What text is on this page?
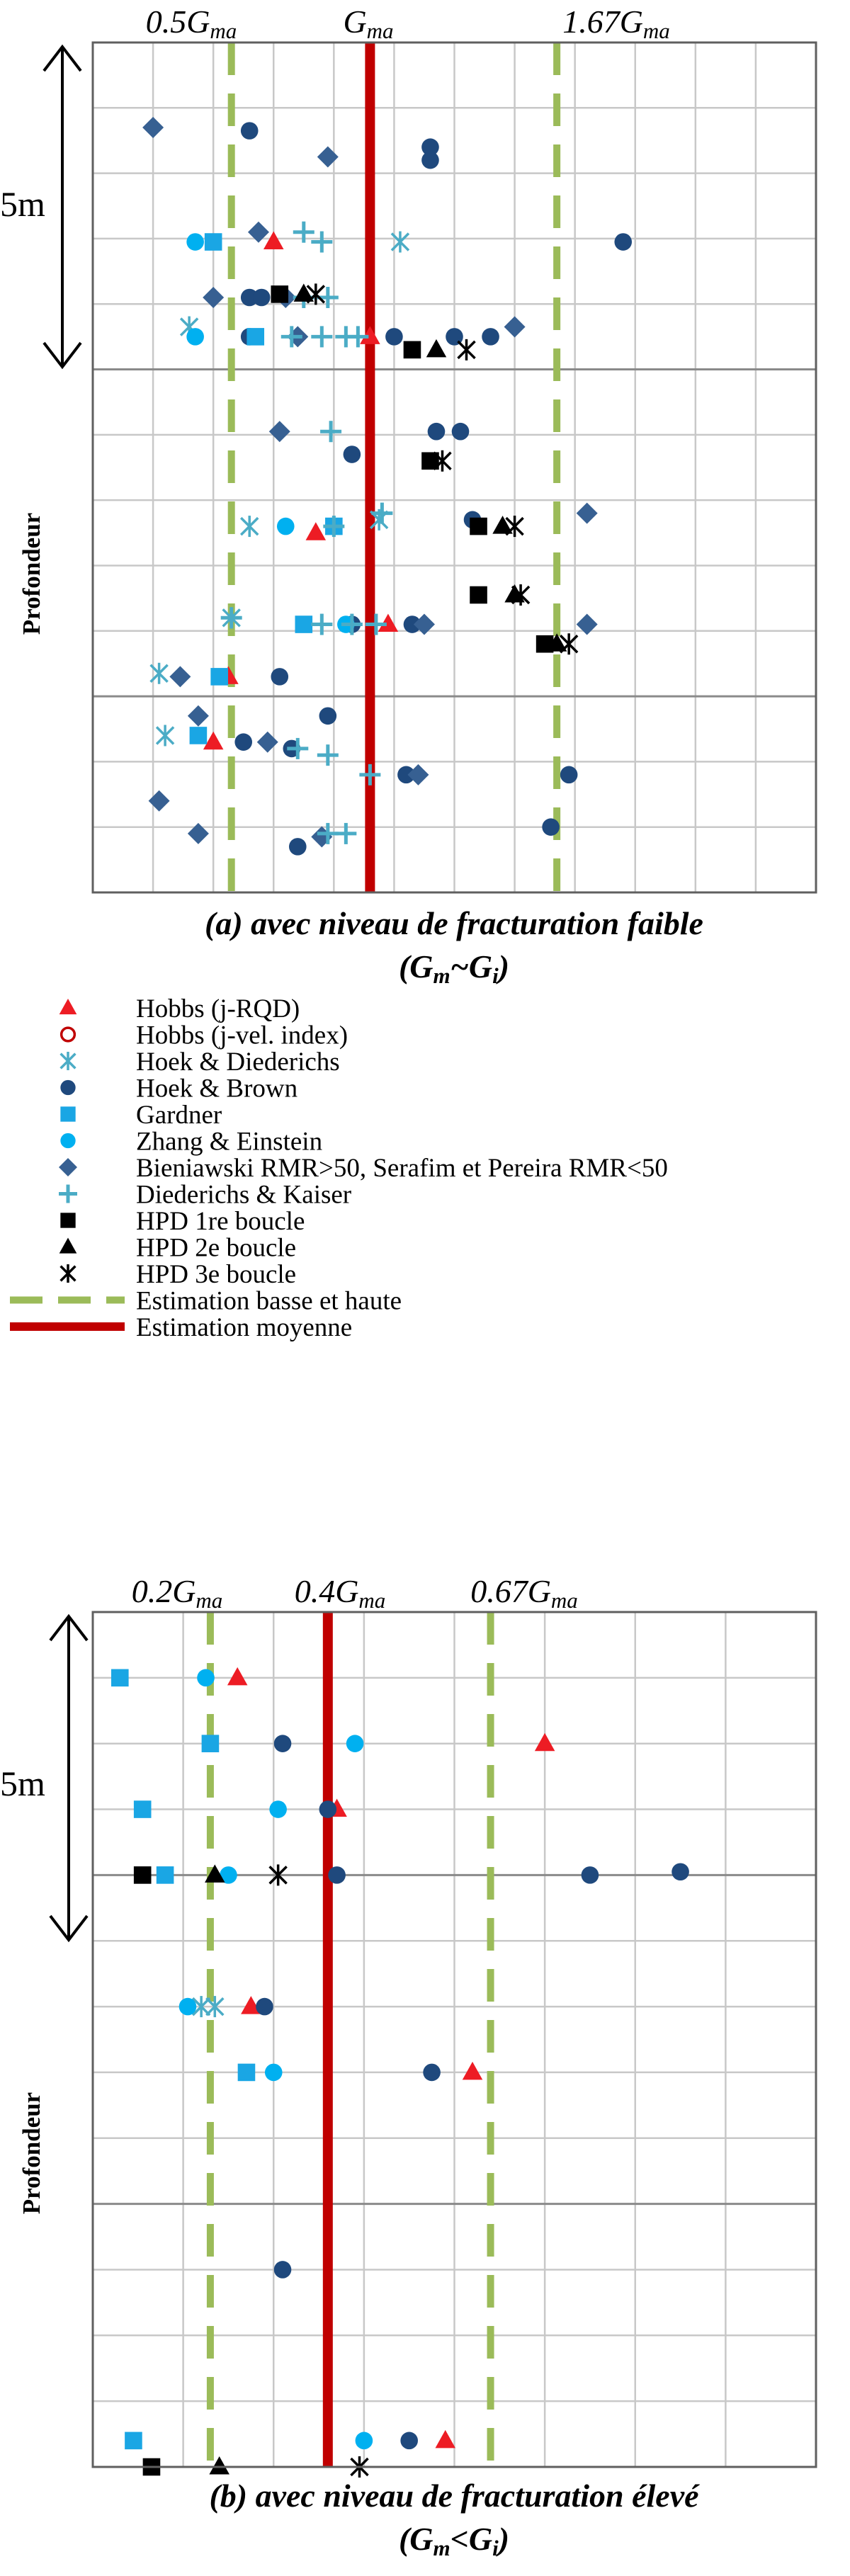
0.5Gma	Gma	1.67Gma
5m
Profondeur
(a) avec niveau de fracturation faible
(Gm~Gi)
Hobbs (j-RQD)
Hobbs (j-vel. index)
Hoek & Diederichs
Hoek & Brown
Gardner
Zhang & Einstein
Bieniawski RMR>50, Serafim et Pereira RMR<50
Diederichs & Kaiser
HPD 1re boucle
HPD 2e boucle
HPD 3e boucle
Estimation basse et haute
Estimation moyenne
0.2Gma 0.4Gma	0.67Gma
5m
Profondeur
(b) avec niveau de fracturation élevé
(Gm<Gi)
